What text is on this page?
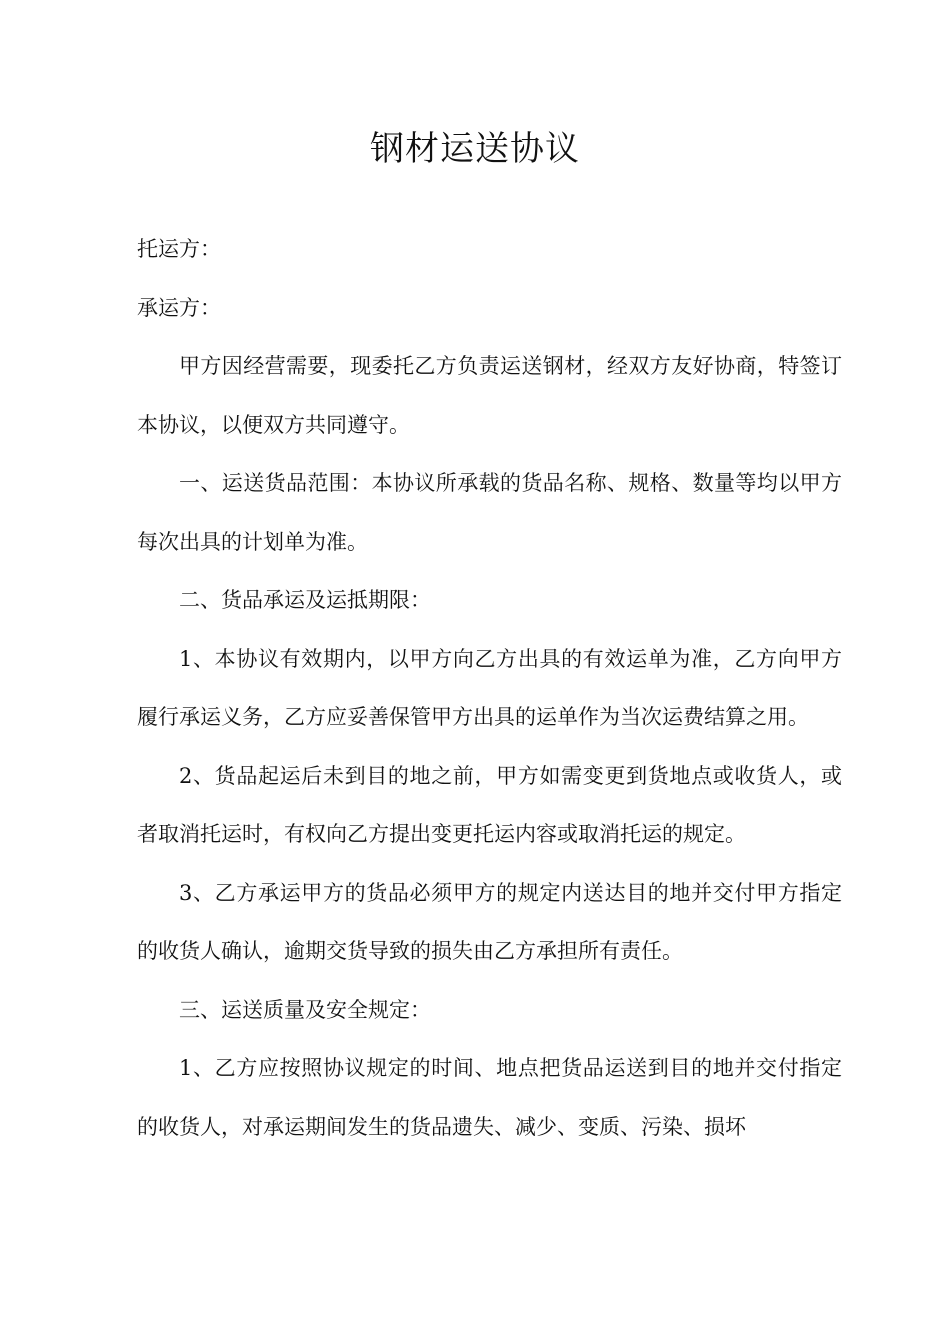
钢材运送协议

托运方：

承运方：

甲方因经营需要，现委托乙方负责运送钢材，经双方友好协商，特签订本协议，以便双方共同遵守。

一、运送货品范围：本协议所承载的货品名称、规格、数量等均以甲方每次出具的计划单为准。

二、货品承运及运抵期限：

1、本协议有效期内，以甲方向乙方出具的有效运单为准，乙方向甲方履行承运义务，乙方应妥善保管甲方出具的运单作为当次运费结算之用。

2、货品起运后未到目的地之前，甲方如需变更到货地点或收货人，或者取消托运时，有权向乙方提出变更托运内容或取消托运的规定。

3、乙方承运甲方的货品必须甲方的规定内送达目的地并交付甲方指定的收货人确认，逾期交货导致的损失由乙方承担所有责任。

三、运送质量及安全规定：

1、乙方应按照协议规定的时间、地点把货品运送到目的地并交付指定的收货人，对承运期间发生的货品遗失、减少、变质、污染、损坏
